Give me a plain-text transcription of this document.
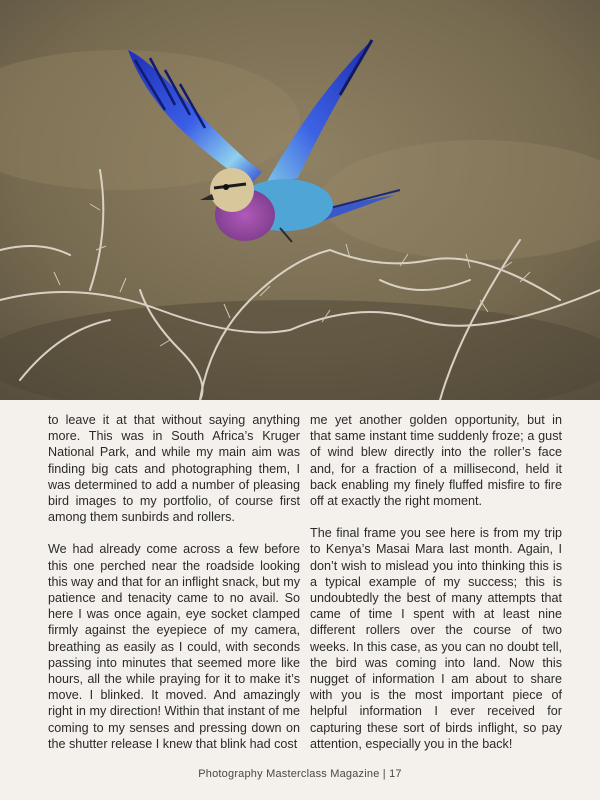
to leave it at that without saying anything more. This was in South Africa’s Kruger National Park, and while my main aim was finding big cats and photographing them, I was determined to add a number of pleasing bird images to my portfolio, of course first among them sunbirds and rollers.

We had already come across a few before this one perched near the roadside looking this way and that for an inflight snack, but my patience and tenacity came to no avail. So here I was once again, eye socket clamped firmly against the eyepiece of my camera, breathing as easily as I could, with seconds passing into minutes that seemed more like hours, all the while praying for it to make it’s move. I blinked. It moved. And amazingly right in my direction! Within that instant of me coming to my senses and pressing down on the shutter release I knew that blink had cost

me yet another golden opportunity, but in that same instant time suddenly froze; a gust of wind blew directly into the roller’s face and, for a fraction of a millisecond, held it back enabling my finely fluffed misfire to fire off at exactly the right moment.

The final frame you see here is from my trip to Kenya’s Masai Mara last month. Again, I don’t wish to mislead you into thinking this is a typical example of my success; this is undoubtedly the best of many attempts that came of time I spent with at least nine different rollers over the course of two weeks. In this case, as you can no doubt tell, the bird was coming into land. Now this nugget of information I am about to share with you is the most important piece of helpful information I ever received for capturing these sort of birds inflight, so pay attention, especially you in the back!

Photography Masterclass Magazine | 17
